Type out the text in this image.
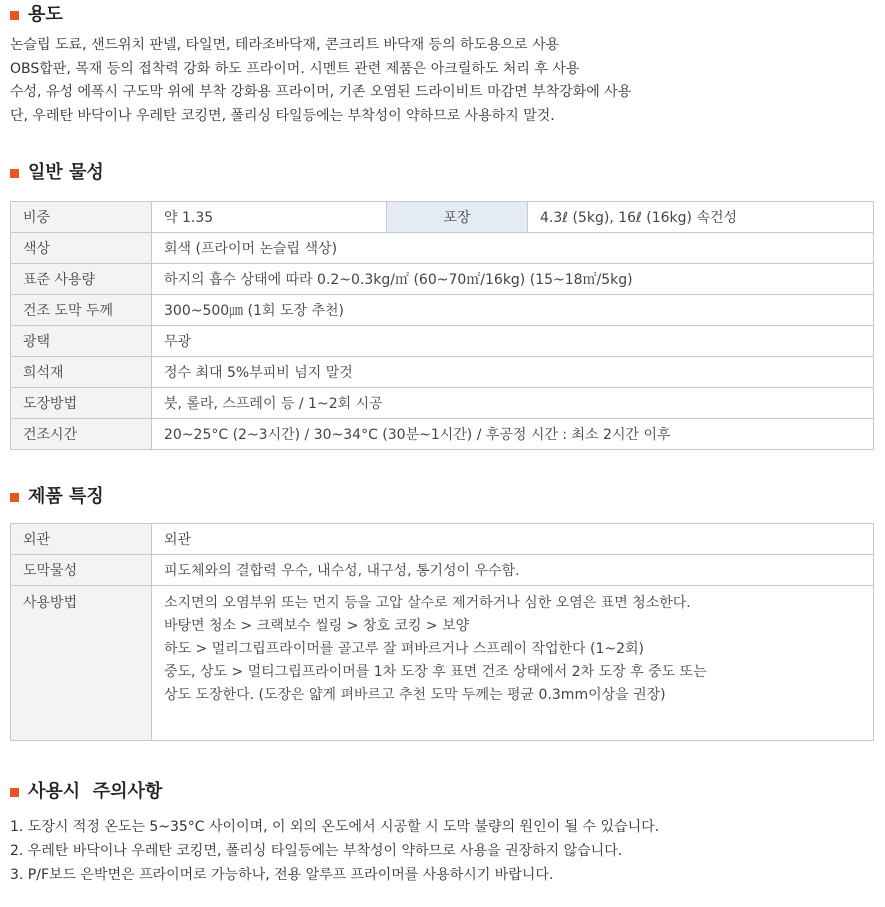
용도
논슬립 도료, 샌드위치 판넬, 타일면, 테라조바닥재, 콘크리트 바닥재 등의 하도용으로 사용
OBS합판, 목재 등의 접착력 강화 하도 프라이머. 시멘트 관련 제품은 아크릴하도 처리 후 사용
수성, 유성 에폭시 구도막 위에 부착 강화용 프라이머, 기존 오염된 드라이비트 마감면 부착강화에 사용
단, 우레탄 바닥이나 우레탄 코킹면, 폴리싱 타일등에는 부착성이 약하므로 사용하지 말것.
일반 물성
비중	약 1.35	포장	4.3ℓ (5kg), 16ℓ (16kg) 속건성
색상	회색 (프라이머 논슬립 색상)		
표준 사용량	하지의 흡수 상태에 따라 0.2~0.3kg/㎡ (60~70㎡/16kg) (15~18㎡/5kg)		
건조 도막 두께	300~500㎛ (1회 도장 추천)		
광택	무광		
희석재	정수 최대 5%부피비 넘지 말것		
도장방법	붓, 롤라, 스프레이 등 / 1~2회 시공		
건조시간	20~25°C (2~3시간) / 30~34°C (30분~1시간) / 후공정 시간 : 최소 2시간 이후		
제품 특징
외관	외관
도막물성	피도체와의 결합력 우수, 내수성, 내구성, 통기성이 우수함.
사용방법	소지면의 오염부위 또는 먼지 등을 고압 살수로 제거하거나 심한 오염은 표면 청소한다.
바탕면 청소 > 크랙보수 씰링 > 창호 코킹 > 보양
하도 > 멀리그립프라이머를 골고루 잘 펴바르거나 스프레이 작업한다 (1~2회)
중도, 상도 > 멀티그립프라이머를 1차 도장 후 표면 건조 상태에서 2차 도장 후 중도 또는
상도 도장한다. (도장은 얇게 펴바르고 추천 도막 두께는 평균 0.3mm이상을 권장)
사용시  주의사항
1. 도장시 적정 온도는 5~35°C 사이이며, 이 외의 온도에서 시공할 시 도막 불량의 원인이 될 수 있습니다.
2. 우레탄 바닥이나 우레탄 코킹면, 폴리싱 타일등에는 부착성이 약하므로 사용을 권장하지 않습니다.
3. P/F보드 은박면은 프라이머로 가능하나, 전용 알루프 프라이머를 사용하시기 바랍니다.
